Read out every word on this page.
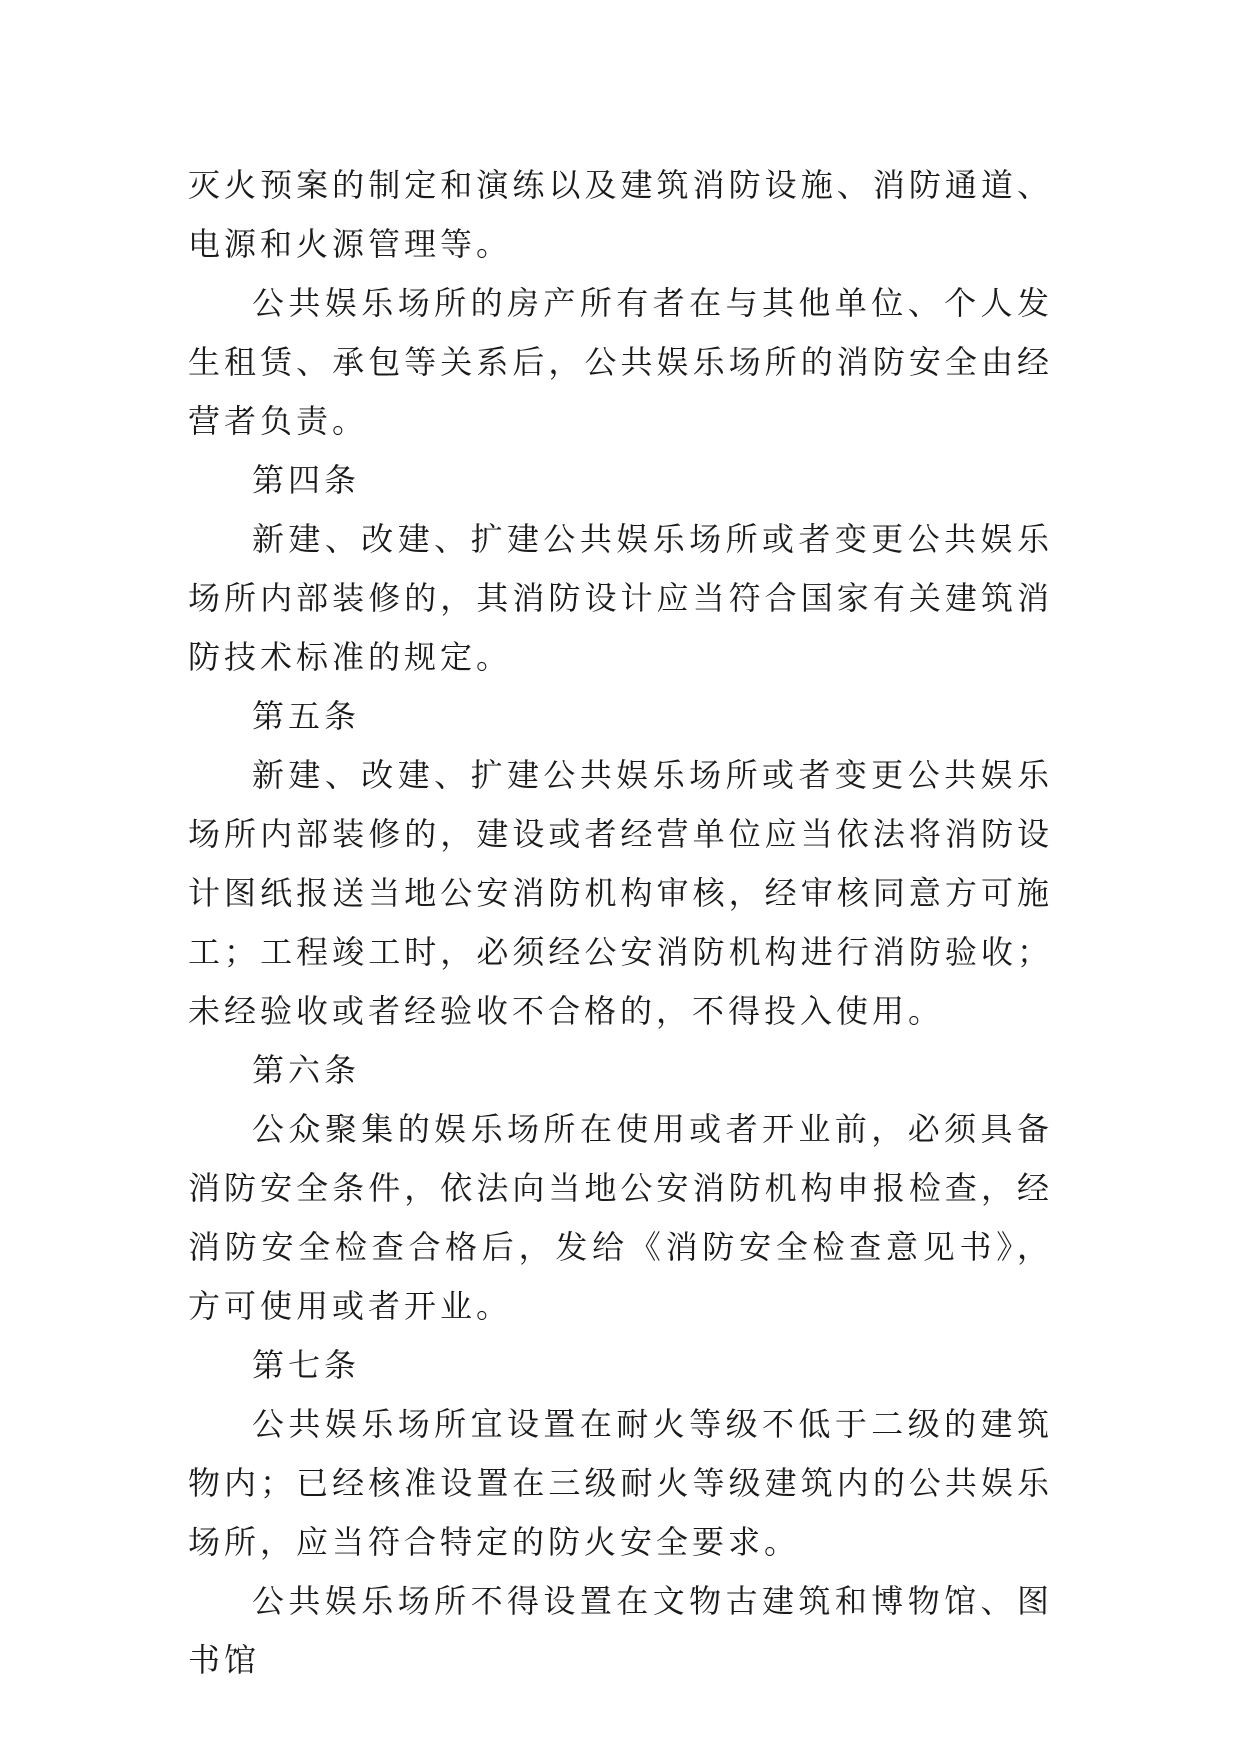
灭火预案的制定和演练以及建筑消防设施、消防通道、电源和火源管理等。

公共娱乐场所的房产所有者在与其他单位、个人发生租赁、承包等关系后，公共娱乐场所的消防安全由经营者负责。

第四条

新建、改建、扩建公共娱乐场所或者变更公共娱乐场所内部装修的，其消防设计应当符合国家有关建筑消防技术标准的规定。

第五条

新建、改建、扩建公共娱乐场所或者变更公共娱乐场所内部装修的，建设或者经营单位应当依法将消防设计图纸报送当地公安消防机构审核，经审核同意方可施工；工程竣工时，必须经公安消防机构进行消防验收；未经验收或者经验收不合格的，不得投入使用。

第六条

公众聚集的娱乐场所在使用或者开业前，必须具备消防安全条件，依法向当地公安消防机构申报检查，经消防安全检查合格后，发给《消防安全检查意见书》，方可使用或者开业。

第七条

公共娱乐场所宜设置在耐火等级不低于二级的建筑物内；已经核准设置在三级耐火等级建筑内的公共娱乐场所，应当符合特定的防火安全要求。

公共娱乐场所不得设置在文物古建筑和博物馆、图书馆
